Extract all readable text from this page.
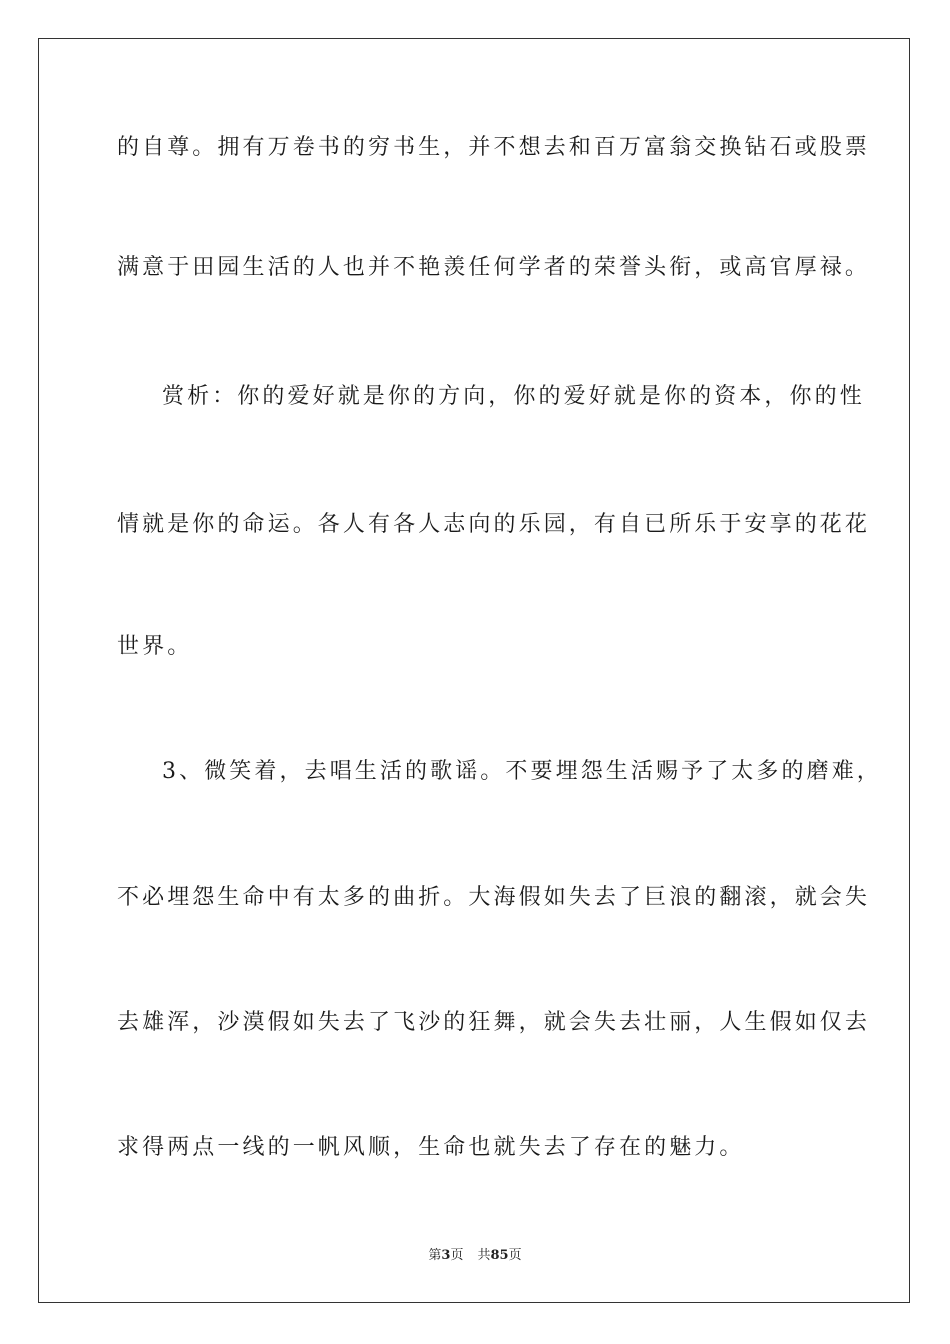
的自尊。拥有万卷书的穷书生，并不想去和百万富翁交换钻石或股票
满意于田园生活的人也并不艳羡任何学者的荣誉头衔，或高官厚禄。
赏析：你的爱好就是你的方向，你的爱好就是你的资本，你的性
情就是你的命运。各人有各人志向的乐园，有自已所乐于安享的花花
世界。
3、微笑着，去唱生活的歌谣。不要埋怨生活赐予了太多的磨难，
不必埋怨生命中有太多的曲折。大海假如失去了巨浪的翻滚，就会失
去雄浑，沙漠假如失去了飞沙的狂舞，就会失去壮丽，人生假如仅去
求得两点一线的一帆风顺，生命也就失去了存在的魅力。
第3页 共85页
